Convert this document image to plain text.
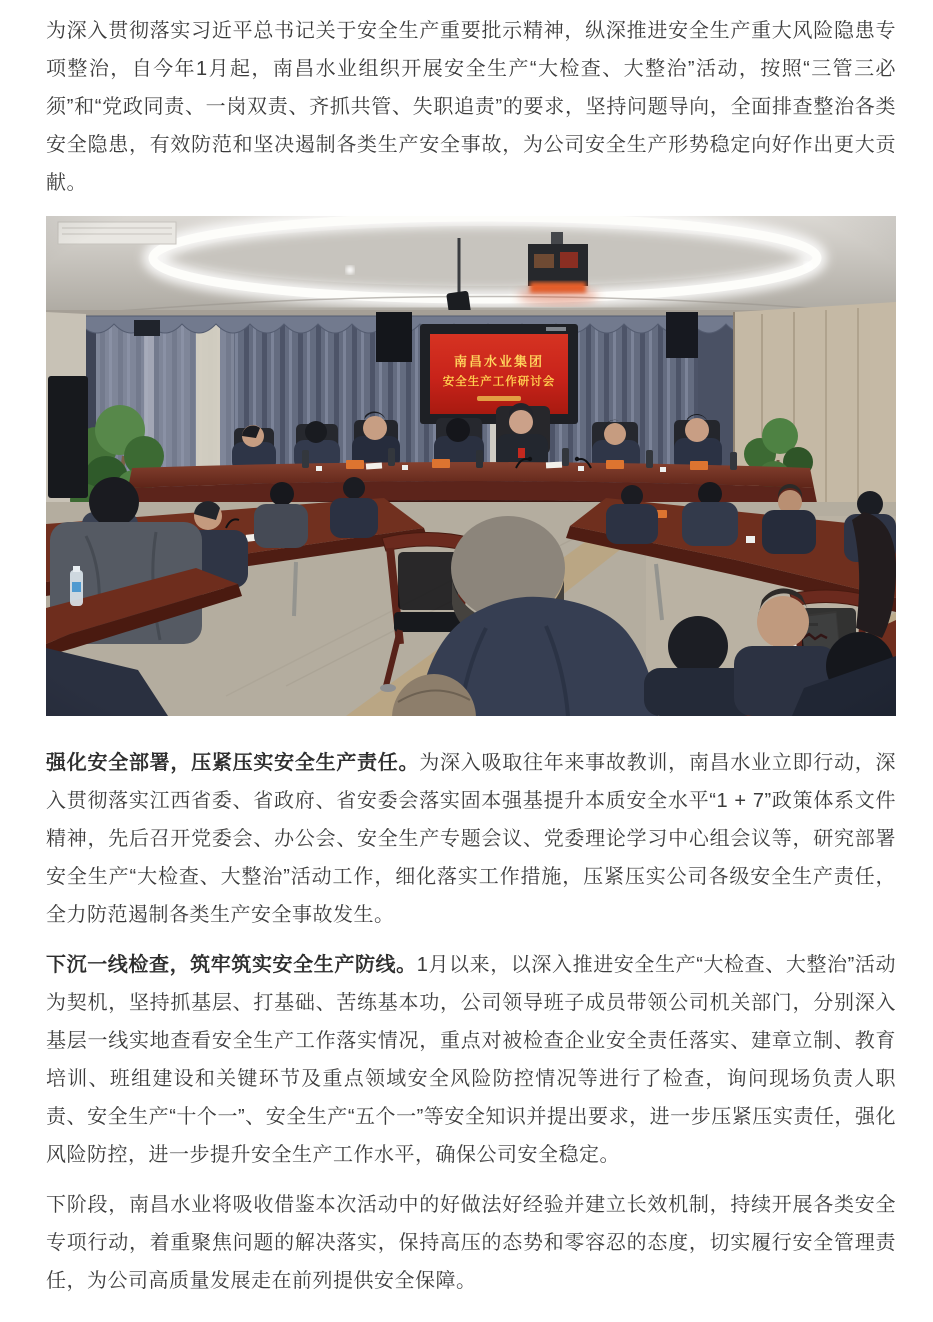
为深入贯彻落实习近平总书记关于安全生产重要批示精神，纵深推进安全生产重大风险隐患专项整治，自今年1月起，南昌水业组织开展安全生产“大检查、大整治”活动，按照“三管三必须”和“党政同责、一岗双责、齐抓共管、失职追责”的要求，坚持问题导向，全面排查整治各类安全隐患，有效防范和坚决遏制各类生产安全事故，为公司安全生产形势稳定向好作出更大贡献。

强化安全部署，压紧压实安全生产责任。为深入吸取往年来事故教训，南昌水业立即行动，深入贯彻落实江西省委、省政府、省安委会落实固本强基提升本质安全水平“1 + 7”政策体系文件精神，先后召开党委会、办公会、安全生产专题会议、党委理论学习中心组会议等，研究部署安全生产“大检查、大整治”活动工作，细化落实工作措施，压紧压实公司各级安全生产责任，全力防范遏制各类生产安全事故发生。

下沉一线检查，筑牢筑实安全生产防线。1月以来，以深入推进安全生产“大检查、大整治”活动为契机，坚持抓基层、打基础、苦练基本功，公司领导班子成员带领公司机关部门，分别深入基层一线实地查看安全生产工作落实情况，重点对被检查企业安全责任落实、建章立制、教育培训、班组建设和关键环节及重点领域安全风险防控情况等进行了检查，询问现场负责人职责、安全生产“十个一”、安全生产“五个一”等安全知识并提出要求，进一步压紧压实责任，强化风险防控，进一步提升安全生产工作水平，确保公司安全稳定。

下阶段，南昌水业将吸收借鉴本次活动中的好做法好经验并建立长效机制，持续开展各类安全专项行动，着重聚焦问题的解决落实，保持高压的态势和零容忍的态度，切实履行安全管理责任，为公司高质量发展走在前列提供安全保障。
